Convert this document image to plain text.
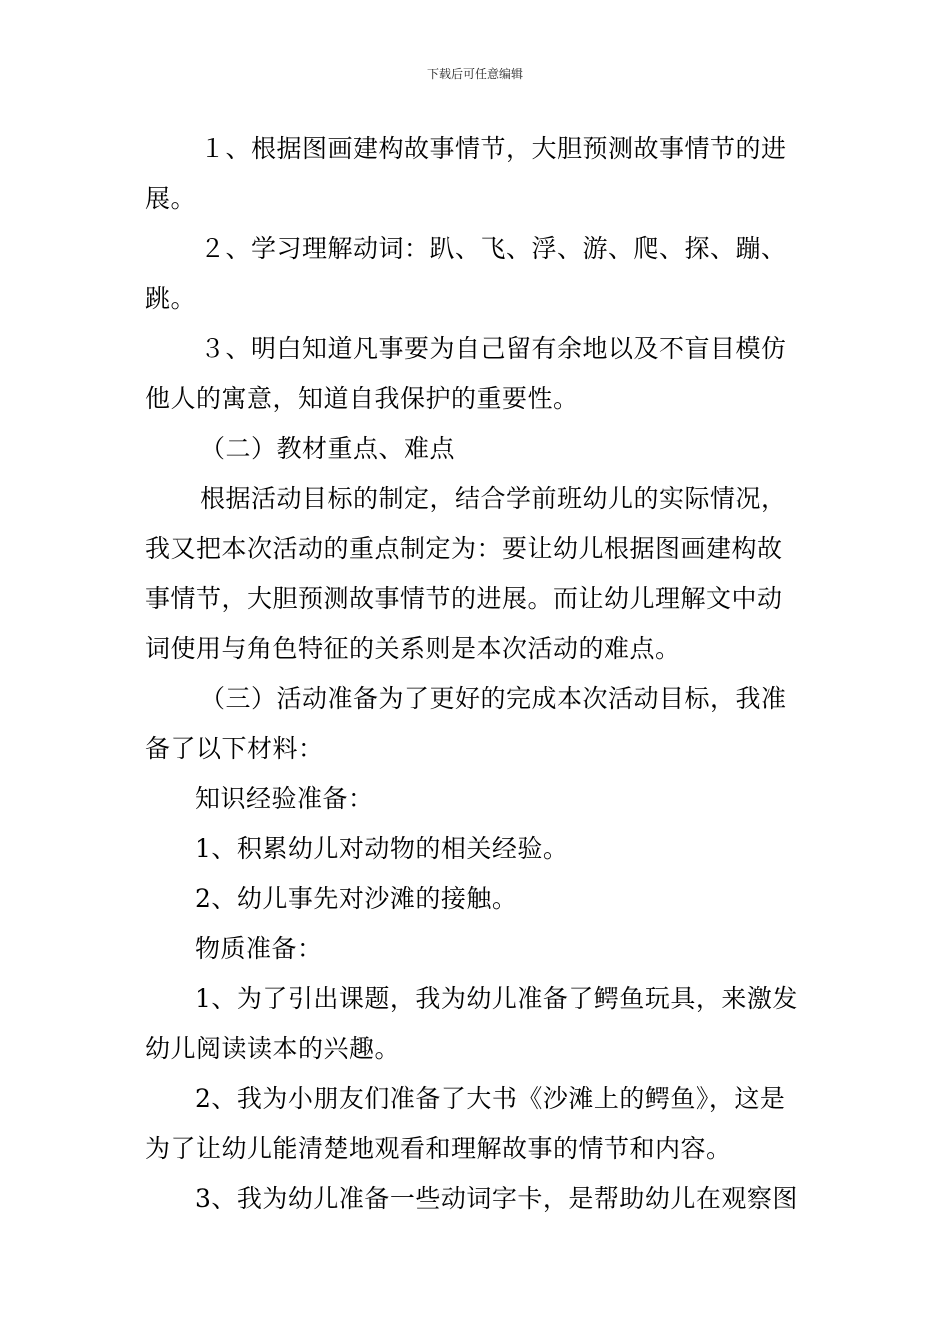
下载后可任意编辑
１、根据图画建构故事情节，大胆预测故事情节的进
展。
２、学习理解动词：趴、飞、浮、游、爬、探、蹦、
跳。
３、明白知道凡事要为自己留有余地以及不盲目模仿
他人的寓意，知道自我保护的重要性。
（二）教材重点、难点
根据活动目标的制定，结合学前班幼儿的实际情况，
我又把本次活动的重点制定为：要让幼儿根据图画建构故
事情节，大胆预测故事情节的进展。而让幼儿理解文中动
词使用与角色特征的关系则是本次活动的难点。
（三）活动准备为了更好的完成本次活动目标，我准
备了以下材料：
知识经验准备：
1、积累幼儿对动物的相关经验。
2、幼儿事先对沙滩的接触。
物质准备：
1、为了引出课题，我为幼儿准备了鳄鱼玩具，来激发
幼儿阅读读本的兴趣。
2、我为小朋友们准备了大书《沙滩上的鳄鱼》，这是
为了让幼儿能清楚地观看和理解故事的情节和内容。
3、我为幼儿准备一些动词字卡，是帮助幼儿在观察图
